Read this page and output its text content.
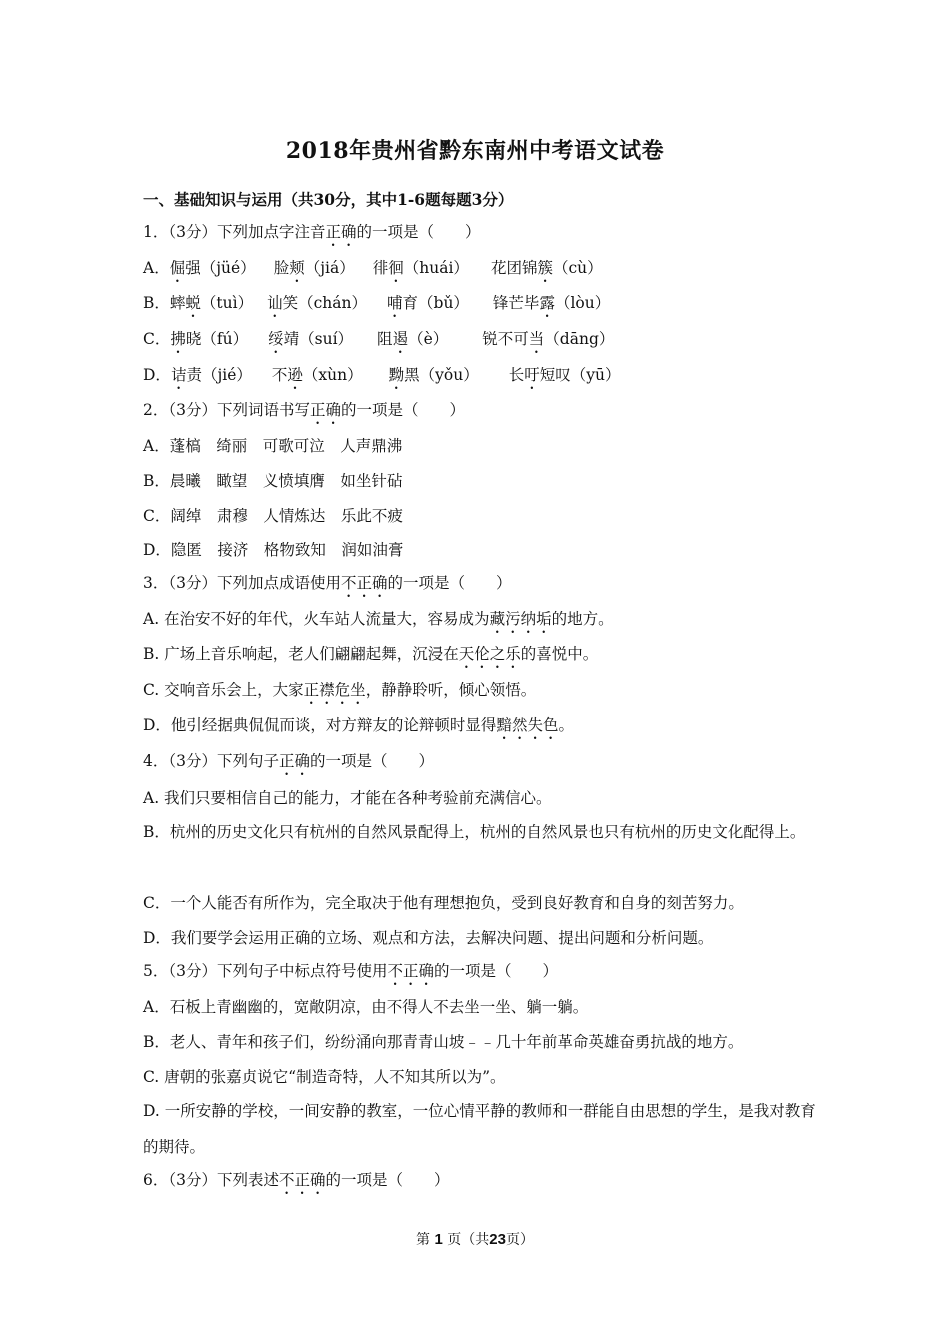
2018年贵州省黔东南州中考语文试卷
一、基础知识与运用（共30分，其中1-6题每题3分）
1．（3分）下列加点字注音正确的一项是（　　）
A．倔强（jüé） 脸颊（jiá） 徘徊（huái） 花团锦簇（cù）
B．蟀蜕（tuì） 讪笑（chán） 哺育（bǔ） 锋芒毕露（lòu）
C．拂晓（fú） 绥靖（suí） 阻遏（è） 锐不可当（dāng）
D．诘责（jié） 不逊（xùn） 黝黑（yǒu） 长吁短叹（yū）
2．（3分）下列词语书写正确的一项是（　　）
A．蓬槁　绮丽　可歌可泣　人声鼎沸
B．晨曦　瞰望　义愤填膺　如坐针砧
C．阔绰　肃穆　人情炼达　乐此不疲
D．隐匿　接济　格物致知　润如油膏
3．（3分）下列加点成语使用不正确的一项是（　　）
A. 在治安不好的年代，火车站人流量大，容易成为藏污纳垢的地方。
B. 广场上音乐响起，老人们翩翩起舞，沉浸在天伦之乐的喜悦中。
C. 交响音乐会上，大家正襟危坐，静静聆听，倾心领悟。
D．他引经据典侃侃而谈，对方辩友的论辩顿时显得黯然失色。
4．（3分）下列句子正确的一项是（　　）
A. 我们只要相信自己的能力，才能在各种考验前充满信心。
B．杭州的历史文化只有杭州的自然风景配得上，杭州的自然风景也只有杭州的历史文化配得上。
C．一个人能否有所作为，完全取决于他有理想抱负，受到良好教育和自身的刻苦努力。
D．我们要学会运用正确的立场、观点和方法，去解决问题、提出问题和分析问题。
5．（3分）下列句子中标点符号使用不正确的一项是（　　）
A．石板上青幽幽的，宽敞阴凉，由不得人不去坐一坐、躺一躺。
B．老人、青年和孩子们，纷纷涌向那青青山坡﹣﹣几十年前革命英雄奋勇抗战的地方。
C. 唐朝的张嘉贞说它“制造奇特，人不知其所以为”。
D. 一所安静的学校，一间安静的教室，一位心情平静的教师和一群能自由思想的学生，是我对教育的期待。
6．（3分）下列表述不正确的一项是（　　）
第 1 页（共23页）
